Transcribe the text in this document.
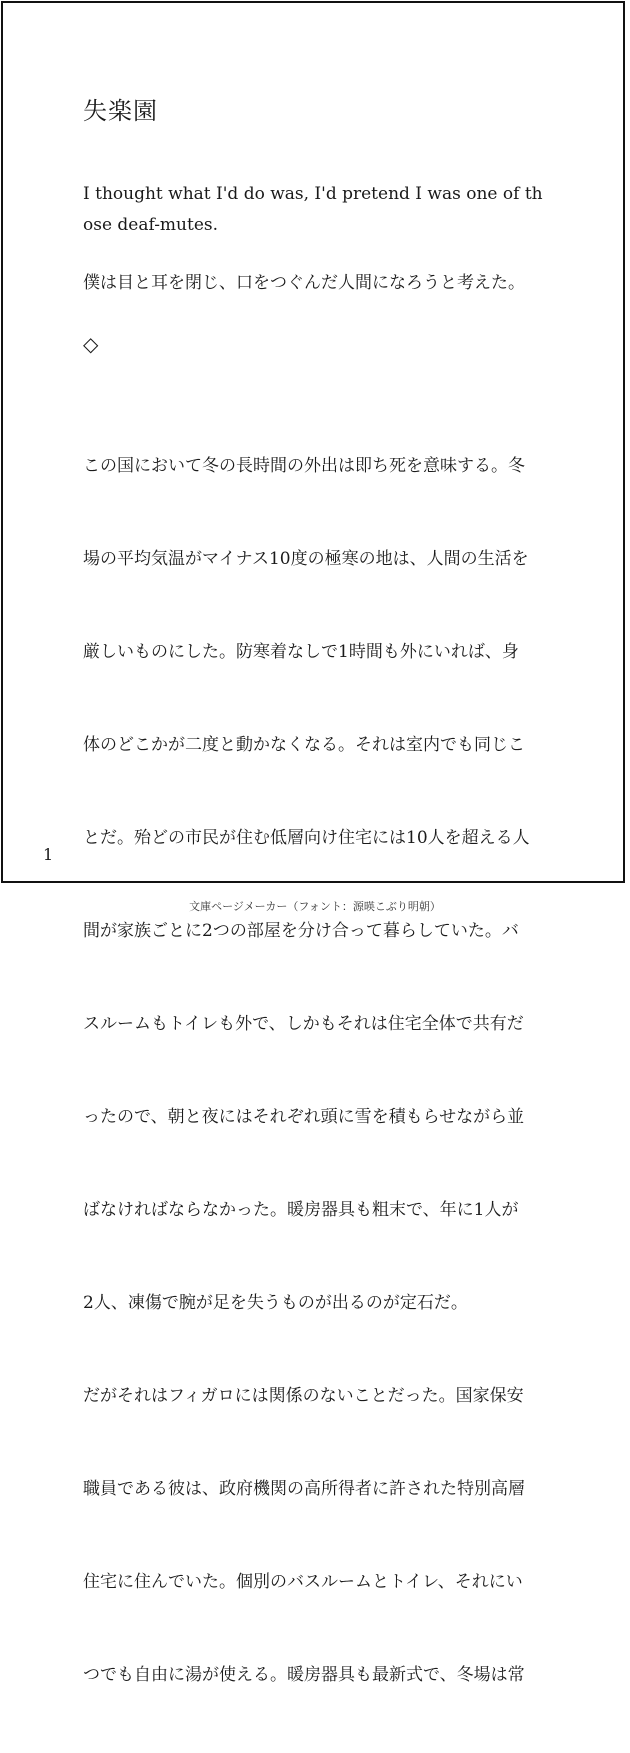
失楽園

I thought what I'd do was, I'd pretend I was one of th
ose deaf-mutes.

僕は目と耳を閉じ、口をつぐんだ人間になろうと考えた。

◇

この国において冬の長時間の外出は即ち死を意味する。冬

場の平均気温がマイナス10度の極寒の地は、人間の生活を

厳しいものにした。防寒着なしで1時間も外にいれば、身

体のどこかが二度と動かなくなる。それは室内でも同じこ

とだ。殆どの市民が住む低層向け住宅には10人を超える人

間が家族ごとに2つの部屋を分け合って暮らしていた。バ

スルームもトイレも外で、しかもそれは住宅全体で共有だ

ったので、朝と夜にはそれぞれ頭に雪を積もらせながら並

ばなければならなかった。暖房器具も粗末で、年に1人が

2人、凍傷で腕が足を失うものが出るのが定石だ。

だがそれはフィガロには関係のないことだった。国家保安

職員である彼は、政府機関の高所得者に許された特別高層

住宅に住んでいた。個別のバスルームとトイレ、それにい

つでも自由に湯が使える。暖房器具も最新式で、冬場は常

1
文庫ページメーカー（フォント：源暎こぶり明朝）
